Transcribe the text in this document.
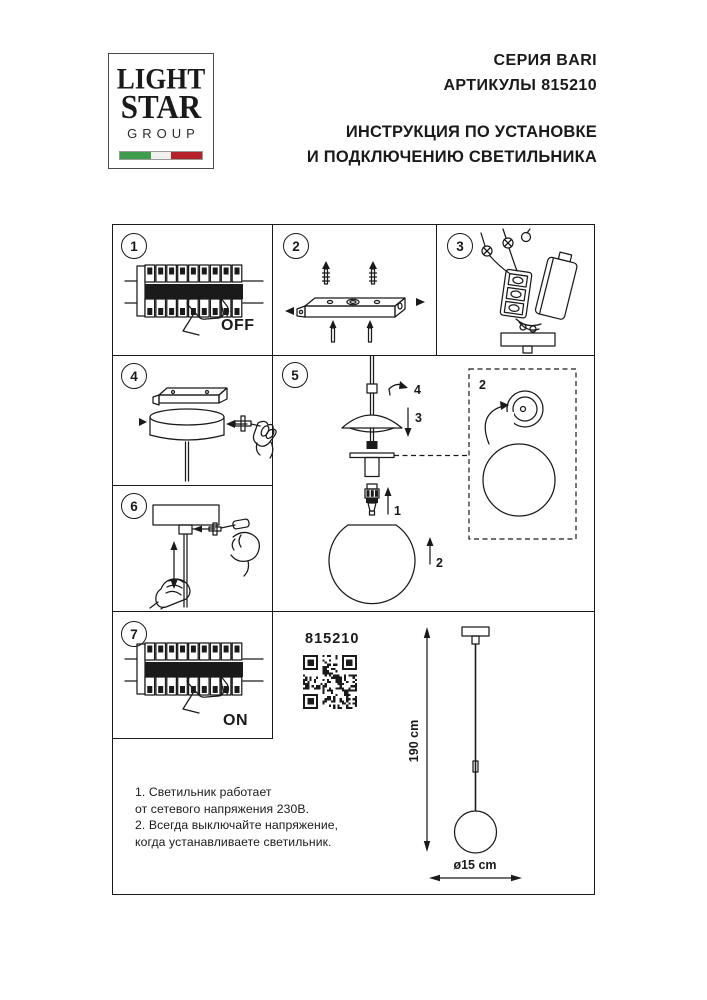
LIGHT
STAR
GROUP
СЕРИЯ BARI
АРТИКУЛЫ 815210
ИНСТРУКЦИЯ ПО УСТАНОВКЕ
И ПОДКЛЮЧЕНИЮ СВЕТИЛЬНИКА
1	2	3
4	5
6
7
OFF
4
3
1
2
2
ON
815210
1. Светильник работает
от сетевого напряжения 230В.
2. Всегда выключайте напряжение,
когда устанавливаете светильник.
190 cm
ø15 cm
